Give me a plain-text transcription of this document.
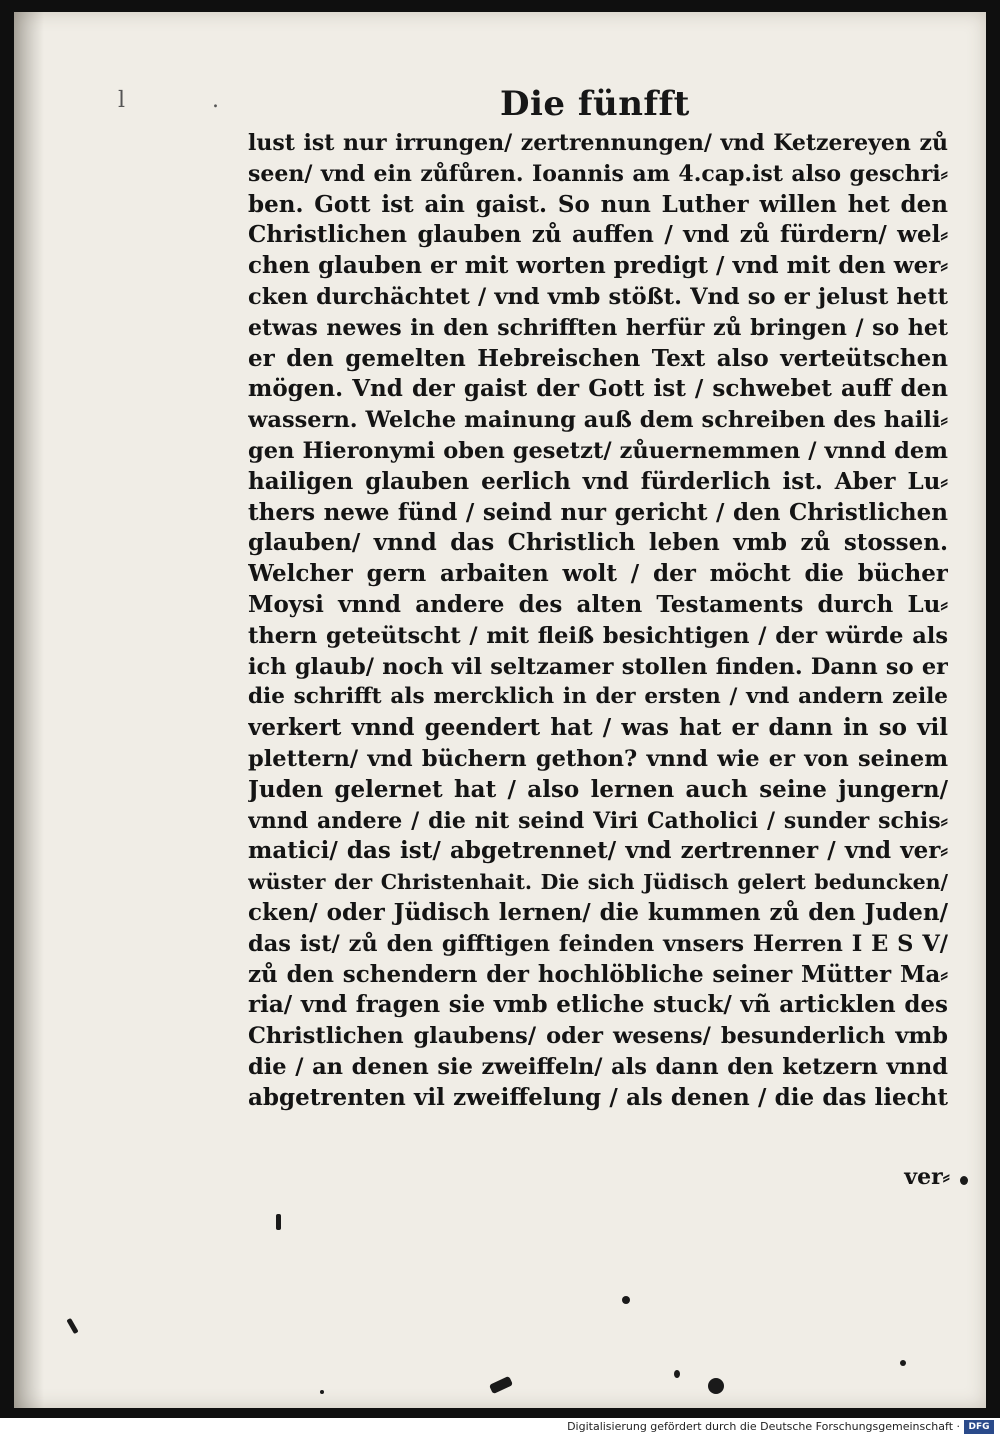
l .	Die fünfft
lust ist nur irrungen/ zertrennungen/ vnd Ketzereyen zů
seen/ vnd ein zůfůren. Ioannis am 4.cap.ist also geschri⸗
ben. Gott ist ain gaist. So nun Luther willen het den
Christlichen glauben zů auffen / vnd zů fürdern/ wel⸗
chen glauben er mit worten predigt / vnd mit den wer⸗
cken durchächtet / vnd vmb stößt. Vnd so er jelust hett
etwas newes in den schrifften herfür zů bringen / so het
er den gemelten Hebreischen Text also verteütschen
mögen. Vnd der gaist der Gott ist / schwebet auff den
wassern. Welche mainung auß dem schreiben des haili⸗
gen Hieronymi oben gesetzt/ zůuernemmen / vnnd dem
hailigen glauben eerlich vnd fürderlich ist. Aber Lu⸗
thers newe fünd / seind nur gericht / den Christlichen
glauben/ vnnd das Christlich leben vmb zů stossen.
Welcher gern arbaiten wolt / der möcht die bücher
Moysi vnnd andere des alten Testaments durch Lu⸗
thern geteütscht / mit fleiß besichtigen / der würde als
ich glaub/ noch vil seltzamer stollen finden. Dann so er
die schrifft als mercklich in der ersten / vnd andern zeile
verkert vnnd geendert hat / was hat er dann in so vil
plettern/ vnd büchern gethon? vnnd wie er von seinem
Juden gelernet hat / also lernen auch seine jungern/
vnnd andere / die nit seind Viri Catholici / sunder schis⸗
matici/ das ist/ abgetrennet/ vnd zertrenner / vnd ver⸗
wüster der Christenhait. Die sich Jüdisch gelert beduncken/
cken/ oder Jüdisch lernen/ die kummen zů den Juden/
das ist/ zů den gifftigen feinden vnsers Herren I E S V/
zů den schendern der hochlöbliche seiner Mütter Ma⸗
ria/ vnd fragen sie vmb etliche stuck/ vñ articklen des
Christlichen glaubens/ oder wesens/ besunderlich vmb
die / an denen sie zweiffeln/ als dann den ketzern vnnd
abgetrenten vil zweiffelung / als denen / die das liecht
ver⸗
Digitalisierung gefördert durch die Deutsche Forschungsgemeinschaft · DFG
